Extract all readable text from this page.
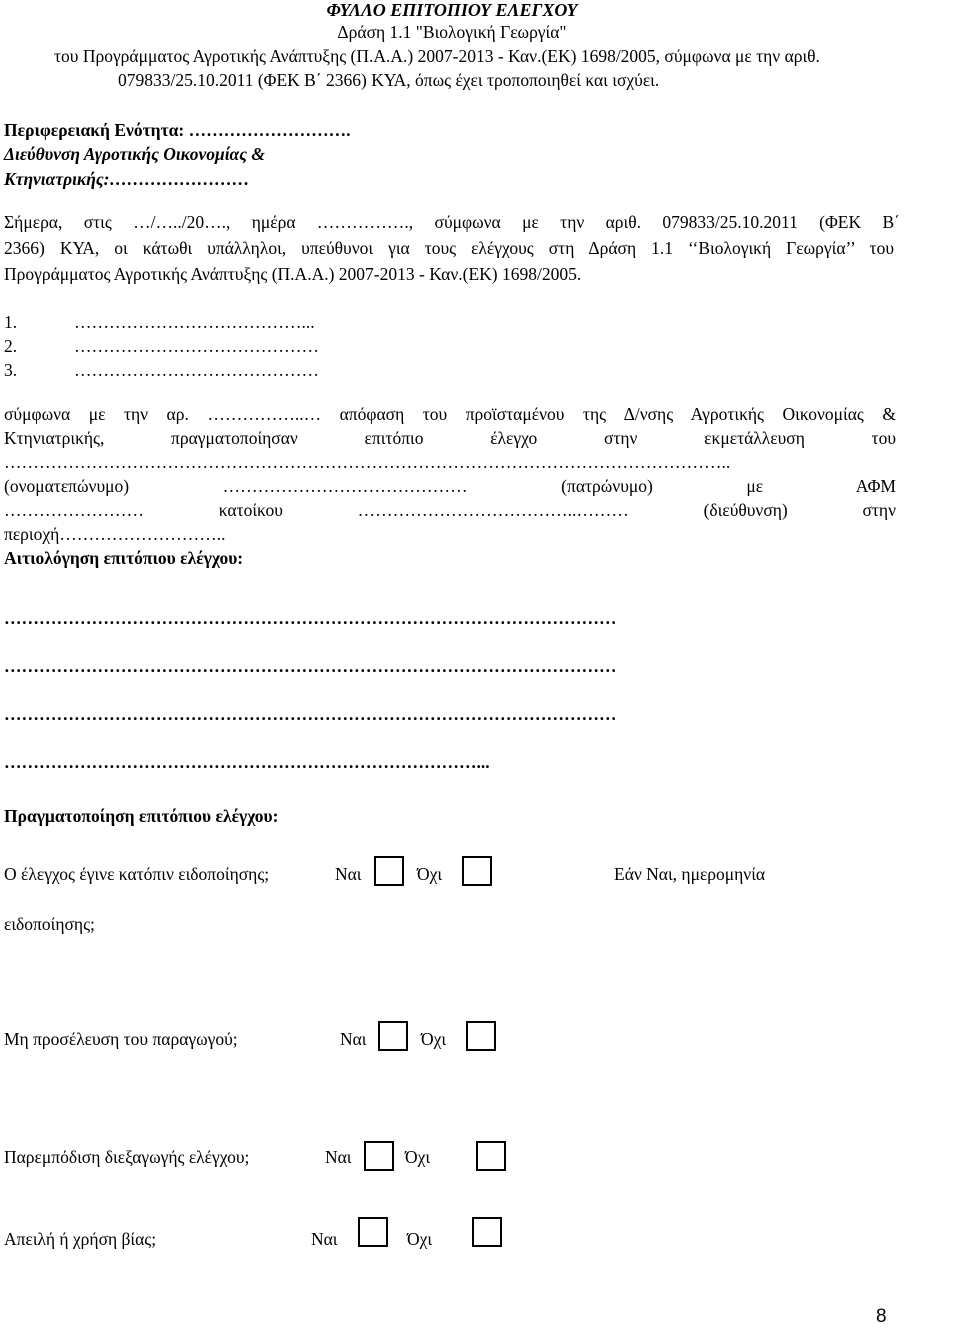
ΦΥΛΛΟ ΕΠΙΤΟΠΙΟΥ ΕΛΕΓΧΟΥ
Δράση 1.1 "Βιολογική Γεωργία"
του Προγράμματος Αγροτικής Ανάπτυξης (Π.Α.Α.) 2007-2013 - Καν.(ΕΚ) 1698/2005, σύμφωνα με την αριθ.
079833/25.10.2011 (ΦΕΚ Β΄ 2366) ΚΥΑ, όπως έχει τροποποιηθεί και ισχύει.
Περιφερειακή Ενότητα: ……………………….
Διεύθυνση Αγροτικής Οικονομίας &
Κτηνιατρικής:……………………
Σήμερα, στις …/…../20…., ημέρα ……………., σύμφωνα με την αριθ. 079833/25.10.2011 (ΦΕΚ Β΄
2366) ΚΥΑ, οι κάτωθι υπάλληλοι, υπεύθυνοι για τους ελέγχους στη Δράση 1.1 ‘‘Βιολογική Γεωργία’’ του
Προγράμματος Αγροτικής Ανάπτυξης (Π.Α.Α.) 2007-2013 - Καν.(ΕΚ) 1698/2005.
1.	…………………………………...
2.	……………………………………
3.	……………………………………
σύμφωνα με την αρ. ……………..… απόφαση του προϊσταμένου της Δ/νσης Αγροτικής Οικονομίας &
Κτηνιατρικής, πραγματοποίησαν επιτόπιο έλεγχο στην εκμετάλλευση του
……………………………………………………………………………………………………………..
(ονοματεπώνυμο) …………………………………… (πατρώνυμο) με ΑΦΜ
…………………… κατοίκου ………………………………..……… (διεύθυνση) στην
περιοχή………………………..
Αιτιολόγηση επιτόπιου ελέγχου:
……………………………………………………………………………………………
……………………………………………………………………………………………
……………………………………………………………………………………………
………………………………………………………………………...
Πραγματοποίηση επιτόπιου ελέγχου:
Ο έλεγχος έγινε κατόπιν ειδοποίησης;	Ναι	Όχι	Εάν Ναι, ημερομηνία
ειδοποίησης;
Μη προσέλευση του παραγωγού;	Ναι	Όχι
Παρεμπόδιση διεξαγωγής ελέγχου;	Ναι	Όχι
Απειλή ή χρήση βίας;	Ναι	Όχι
8
